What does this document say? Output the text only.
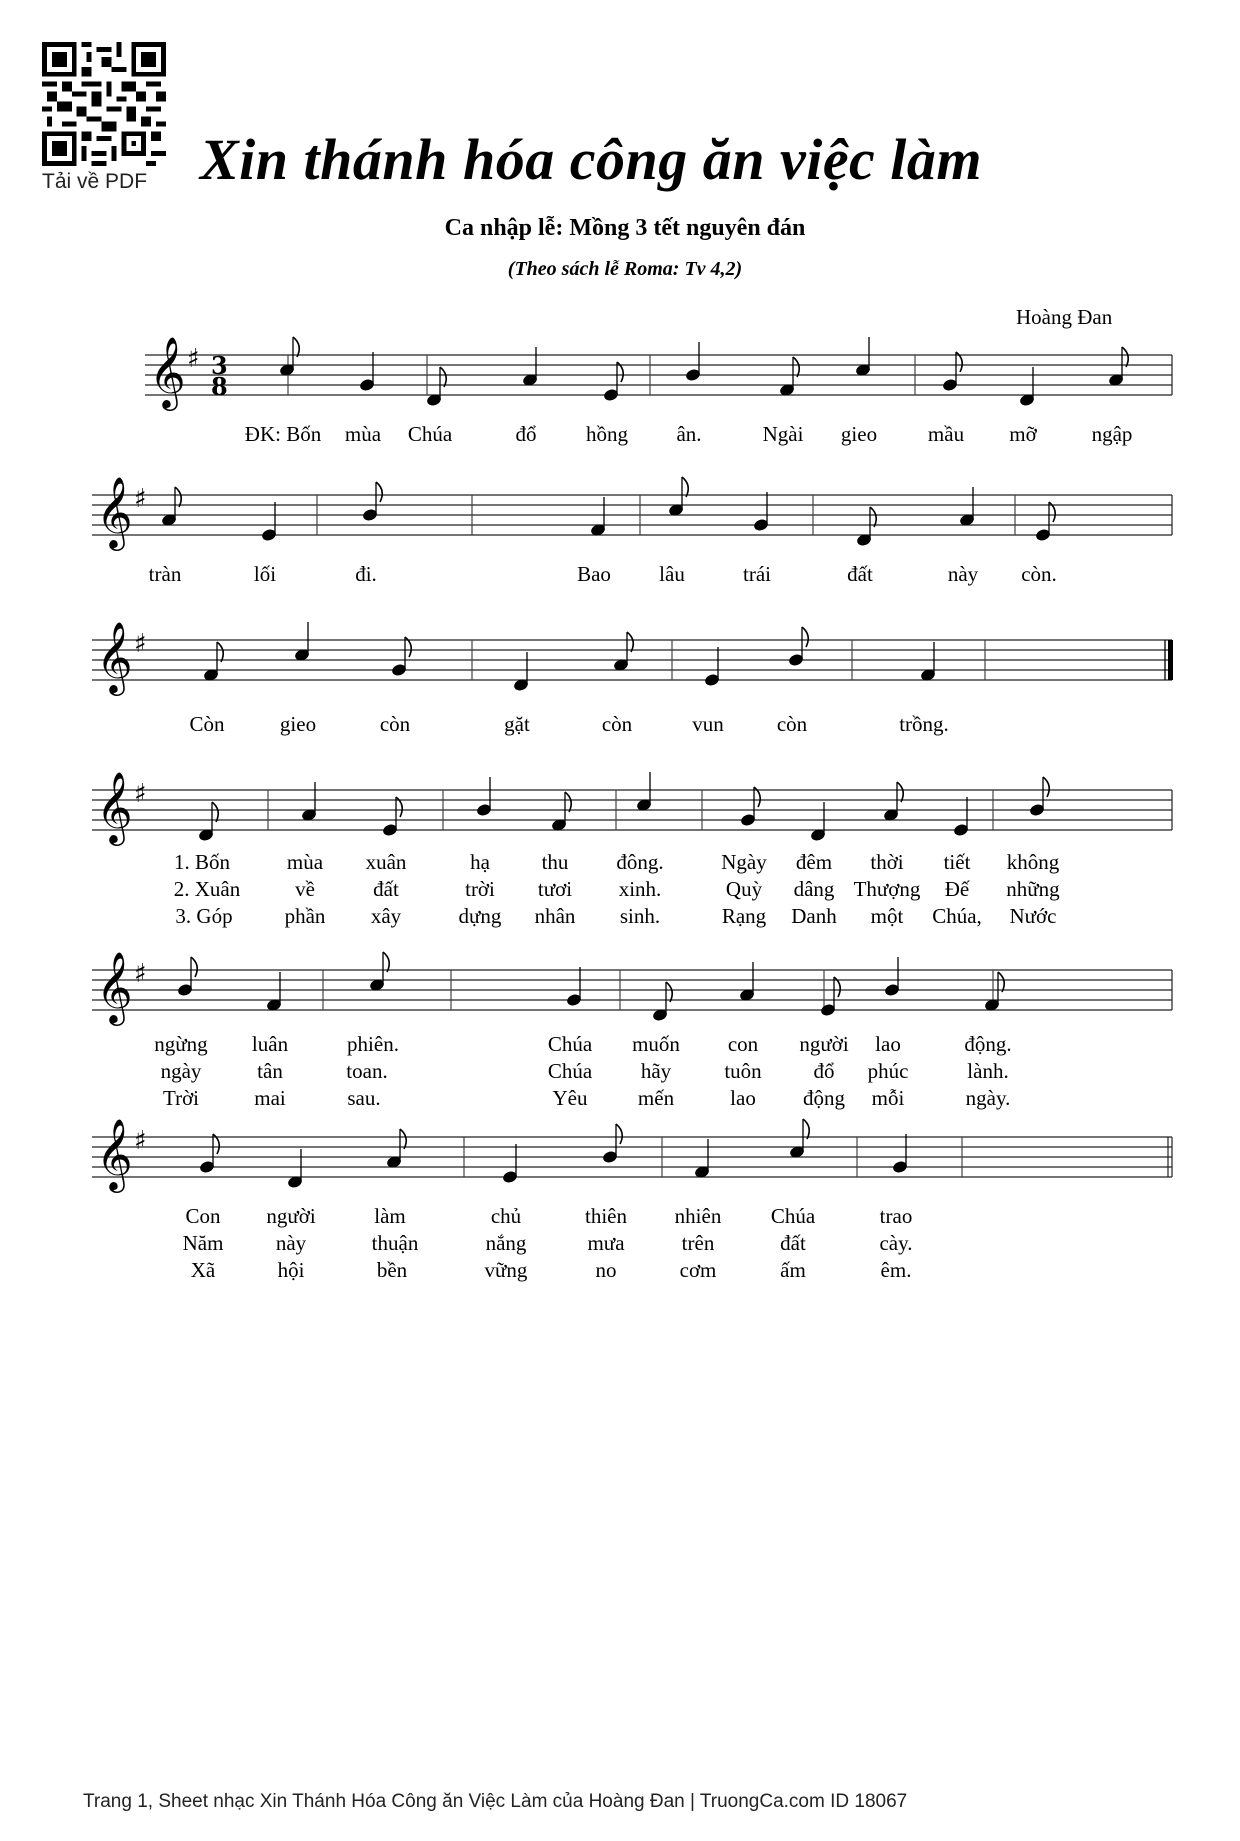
Tải về PDF Xin thánh hóa công ăn việc làm
Ca nhập lễ: Mồng 3 tết nguyên đán
(Theo sách lễ Roma: Tv 4,2)
Hoàng Đan
𝄞 ♯ 3
8
ĐK: Bốn mùa Chúa	đổ hồng ân.	Ngài gieo mầu mỡ	ngập
𝄞 ♯
tràn	lối	đi.	Bao lâu	trái	đất	này còn.
𝄞 ♯
Còn	gieo	còn	gặt	còn	vun	còn	trồng.
𝄞 ♯
1. Bốn	mùa xuân	hạ thu đông.	Ngày đêm thời tiết không
2. Xuân	về	đất	trời tươi xinh.	Quỳ dâng Thượng Đế những
3. Góp phần xây	dựng nhân sinh.	Rạng Danh một Chúa, Nước
𝄞 ♯
ngừng luân	phiên.	Chúa muốn con người lao	động.
ngày	tân	toan.	Chúa hãy	tuôn đổ phúc	lành.
Trời	mai	sau.	Yêu mến	lao động mỗi	ngày.
𝄞 ♯
Con người	làm	chủ	thiên nhiên Chúa	trao
Năm này	thuận	nắng	mưa	trên	đất	cày.
Xã	hội	bền	vững	no	cơm	ấm	êm.
Trang 1, Sheet nhạc Xin Thánh Hóa Công ăn Việc Làm của Hoàng Đan | TruongCa.com ID 18067
